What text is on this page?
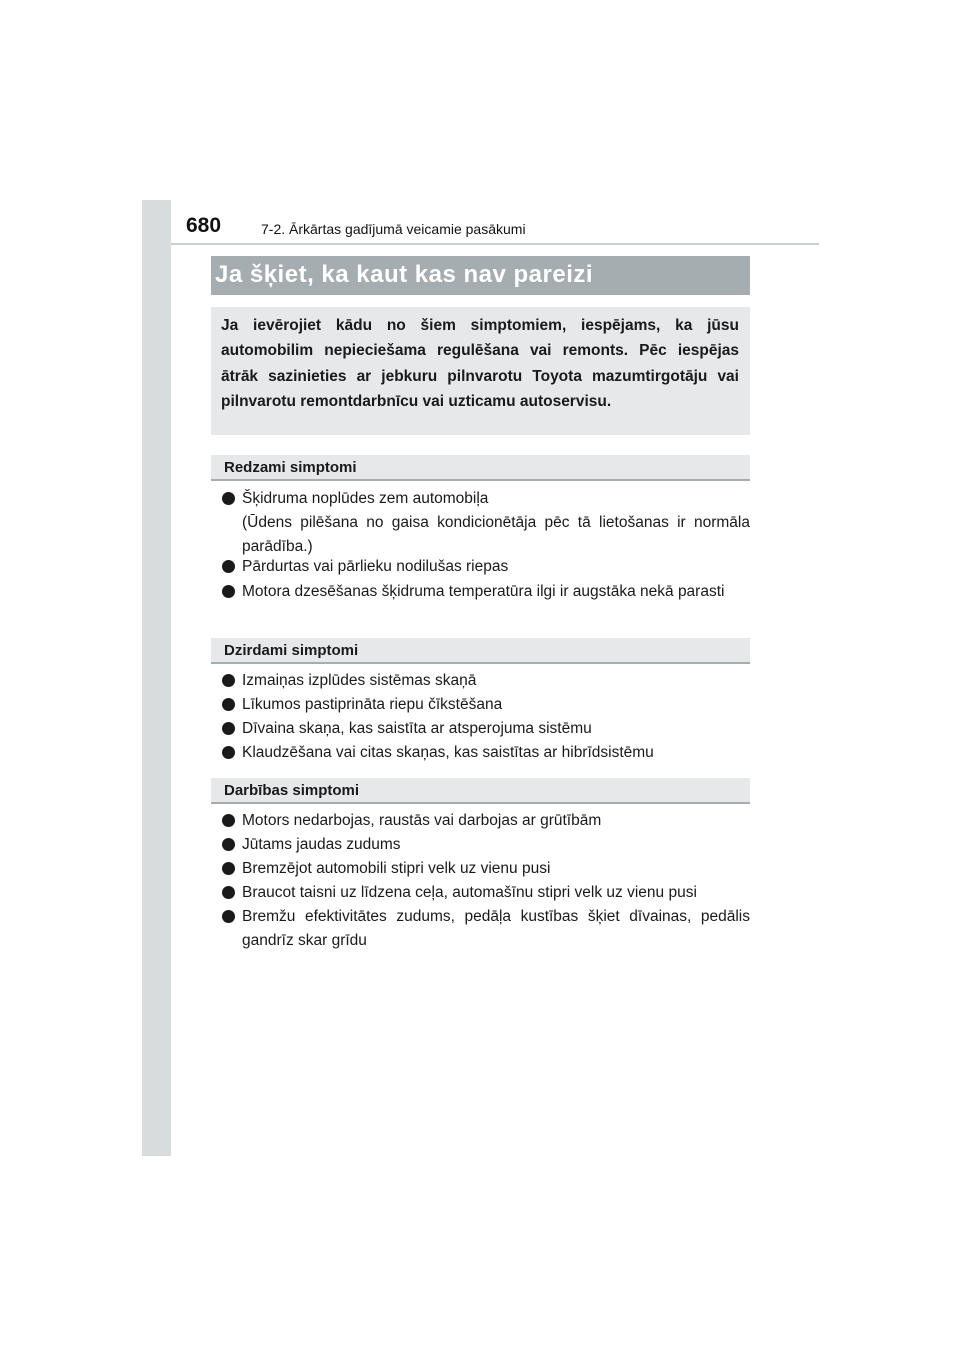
680	7-2. Ārkārtas gadījumā veicamie pasākumi
Ja šķiet, ka kaut kas nav pareizi
Ja ievērojiet kādu no šiem simptomiem, iespējams, ka jūsu automobilim nepieciešama regulēšana vai remonts. Pēc iespējas ātrāk sazinieties ar jebkuru pilnvarotu Toyota mazumtirgotāju vai pilnvarotu remontdarbnīcu vai uzticamu autoservisu.
Redzami simptomi
Šķidruma noplūdes zem automobiļa
(Ūdens pilēšana no gaisa kondicionētāja pēc tā lietošanas ir normāla parādība.)
Pārdurtas vai pārlieku nodilušas riepas
Motora dzesēšanas šķidruma temperatūra ilgi ir augstāka nekā parasti
Dzirdami simptomi
Izmaiņas izplūdes sistēmas skaņā
Līkumos pastiprināta riepu čīkstēšana
Dīvaina skaņa, kas saistīta ar atsperojuma sistēmu
Klaudzēšana vai citas skaņas, kas saistītas ar hibrīdsistēmu
Darbības simptomi
Motors nedarbojas, raustās vai darbojas ar grūtībām
Jūtams jaudas zudums
Bremzējot automobili stipri velk uz vienu pusi
Braucot taisni uz līdzena ceļa, automašīnu stipri velk uz vienu pusi
Bremžu efektivitātes zudums, pedāļa kustības šķiet dīvainas, pedālis gandrīz skar grīdu
